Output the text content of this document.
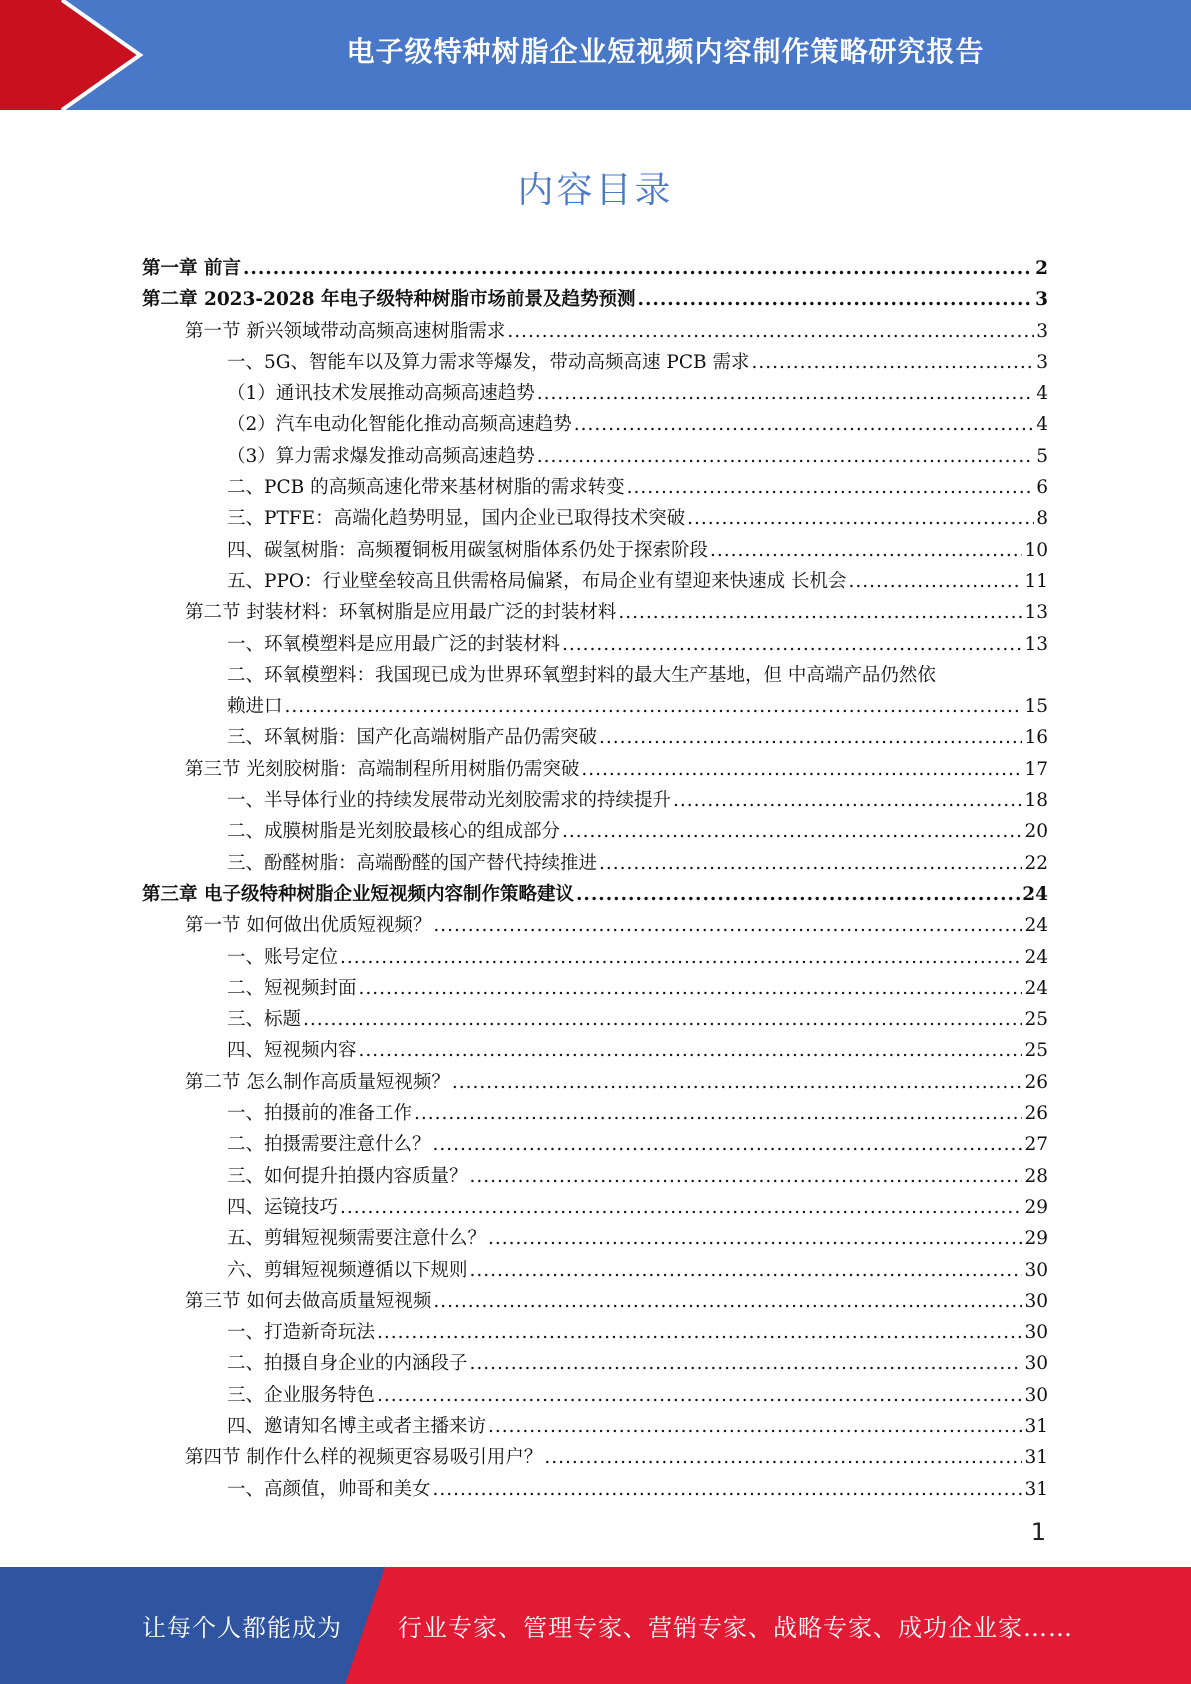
电子级特种树脂企业短视频内容制作策略研究报告
内容目录
第一章 前言 .....	2
第二章 2023-2028 年电子级特种树脂市场前景及趋势预测 .....	3
第一节 新兴领域带动高频高速树脂需求 .....	3
一、5G、智能车以及算力需求等爆发，带动高频高速 PCB 需求 .....	3
（1）通讯技术发展推动高频高速趋势 .....	4
（2）汽车电动化智能化推动高频高速趋势 .....	4
（3）算力需求爆发推动高频高速趋势 .....	5
二、PCB 的高频高速化带来基材树脂的需求转变 .....	6
三、PTFE：高端化趋势明显，国内企业已取得技术突破 .....	8
四、碳氢树脂：高频覆铜板用碳氢树脂体系仍处于探索阶段 .....	10
五、PPO：行业壁垒较高且供需格局偏紧，布局企业有望迎来快速成 长机会 .....	11
第二节 封装材料：环氧树脂是应用最广泛的封装材料 .....	13
一、环氧模塑料是应用最广泛的封装材料 .....	13
二、环氧模塑料：我国现已成为世界环氧塑封料的最大生产基地，但 中高端产品仍然依
赖进口 .....	15
三、环氧树脂：国产化高端树脂产品仍需突破 .....	16
第三节 光刻胶树脂：高端制程所用树脂仍需突破 .....	17
一、半导体行业的持续发展带动光刻胶需求的持续提升 .....	18
二、成膜树脂是光刻胶最核心的组成部分 .....	20
三、酚醛树脂：高端酚醛的国产替代持续推进 .....	22
第三章 电子级特种树脂企业短视频内容制作策略建议 .....	24
第一节 如何做出优质短视频？ .....	24
一、账号定位 .....	24
二、短视频封面 .....	24
三、标题 .....	25
四、短视频内容 .....	25
第二节 怎么制作高质量短视频？ .....	26
一、拍摄前的准备工作 .....	26
二、拍摄需要注意什么？ .....	27
三、如何提升拍摄内容质量？ .....	28
四、运镜技巧 .....	29
五、剪辑短视频需要注意什么？ .....	29
六、剪辑短视频遵循以下规则 .....	30
第三节 如何去做高质量短视频 .....	30
一、打造新奇玩法 .....	30
二、拍摄自身企业的内涵段子 .....	30
三、企业服务特色 .....	30
四、邀请知名博主或者主播来访 .....	31
第四节 制作什么样的视频更容易吸引用户？ .....	31
一、高颜值，帅哥和美女 .....	31
1
让每个人都能成为 行业专家、管理专家、营销专家、战略专家、成功企业家……
